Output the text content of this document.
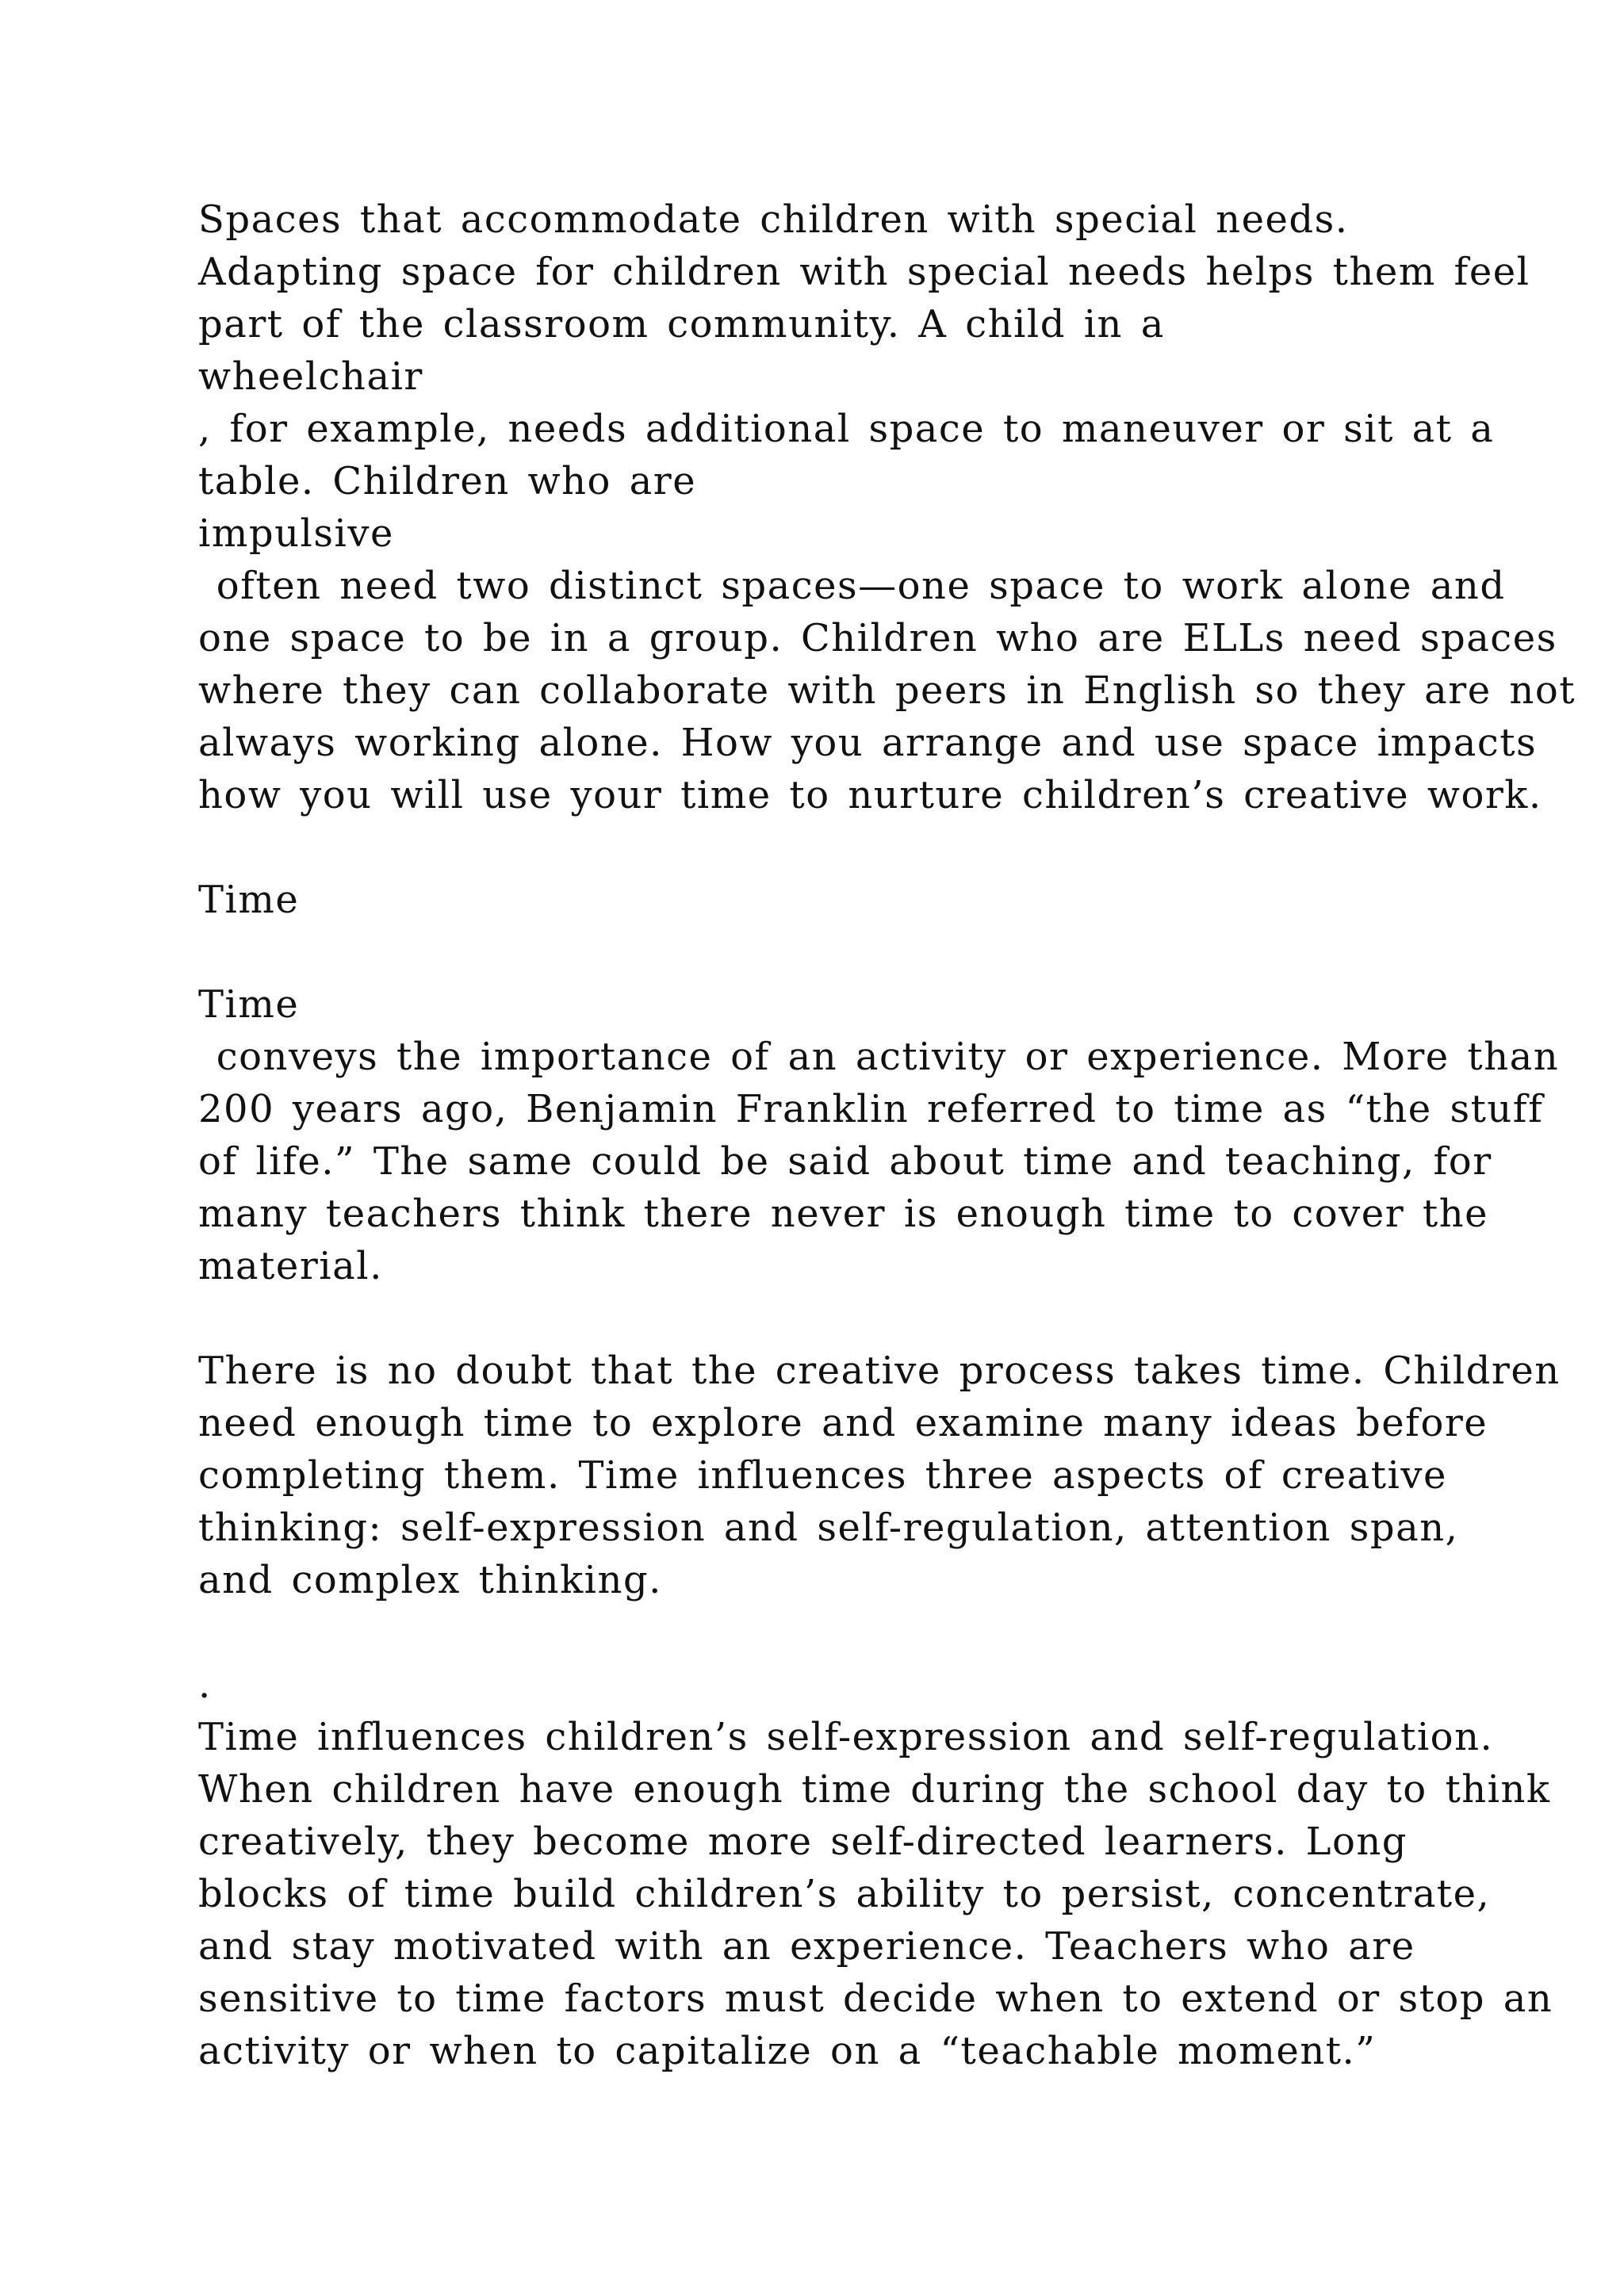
Spaces that accommodate children with special needs.
Adapting space for children with special needs helps them feel
part of the classroom community. A child in a
wheelchair
, for example, needs additional space to maneuver or sit at a
table. Children who are
impulsive
often need two distinct spaces—one space to work alone and
one space to be in a group. Children who are ELLs need spaces
where they can collaborate with peers in English so they are not
always working alone. How you arrange and use space impacts
how you will use your time to nurture children’s creative work.
Time
Time
conveys the importance of an activity or experience. More than
200 years ago, Benjamin Franklin referred to time as “the stuff
of life.” The same could be said about time and teaching, for
many teachers think there never is enough time to cover the
material.
There is no doubt that the creative process takes time. Children
need enough time to explore and examine many ideas before
completing them. Time influences three aspects of creative
thinking: self-expression and self-regulation, attention span,
and complex thinking.
.
Time influences children’s self-expression and self-regulation.
When children have enough time during the school day to think
creatively, they become more self-directed learners. Long
blocks of time build children’s ability to persist, concentrate,
and stay motivated with an experience. Teachers who are
sensitive to time factors must decide when to extend or stop an
activity or when to capitalize on a “teachable moment.”
